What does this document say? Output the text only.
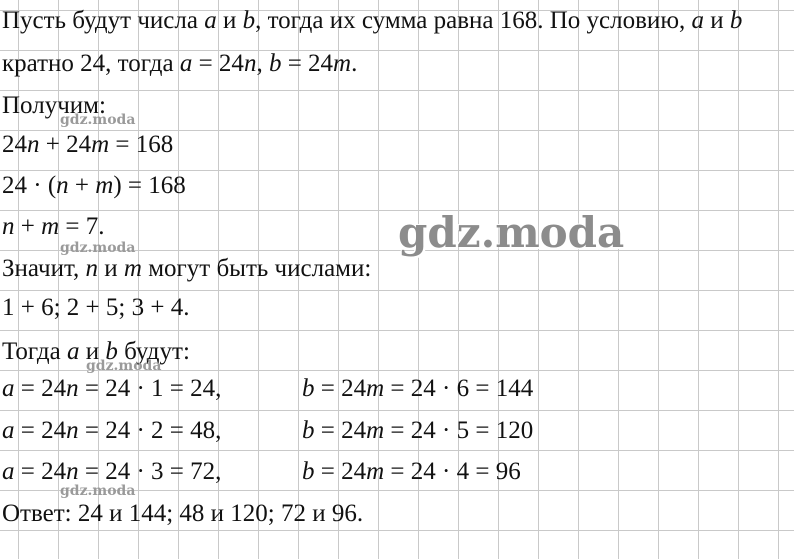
Пусть будут числа a и b, тогда их сумма равна 168. По условию, a и b
кратно 24, тогда a = 24n, b = 24m.
Получим:
24n + 24m = 168
24 · (n + m) = 168
n + m = 7.
Значит, n и m могут быть числами:
1 + 6; 2 + 5; 3 + 4.
Тогда a и b будут:
a = 24n = 24 · 1 = 24,	b = 24m = 24 · 6 = 144
a = 24n = 24 · 2 = 48,	b = 24m = 24 · 5 = 120
a = 24n = 24 · 3 = 72,	b = 24m = 24 · 4 = 96
Ответ: 24 и 144; 48 и 120; 72 и 96.
gdz.moda
gdz.moda
gdz.moda
gdz.moda
gdz.moda
